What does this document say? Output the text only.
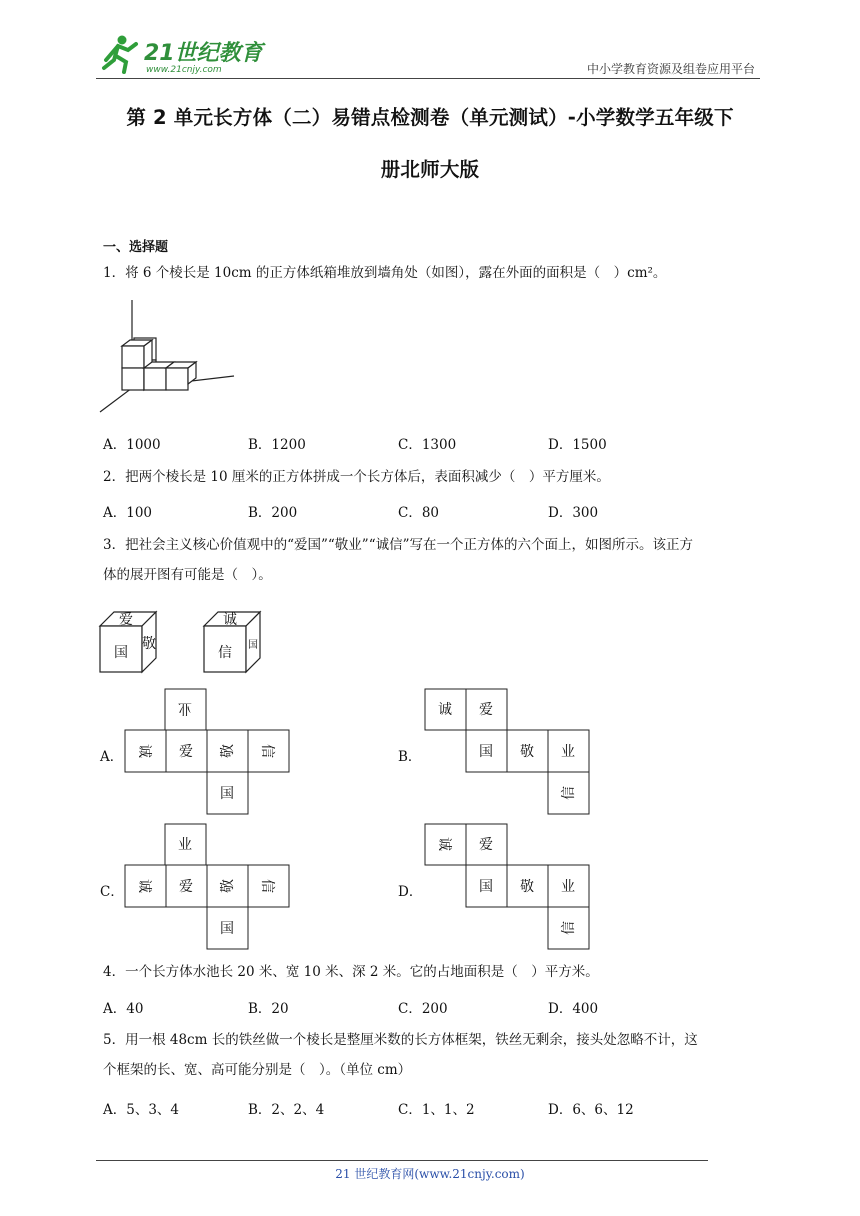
21世纪教育
www.21cnjy.com	中小学教育资源及组卷应用平台
第 2 单元长方体（二）易错点检测卷（单元测试）-小学数学五年级下
册北师大版
一、选择题
1．将 6 个棱长是 10cm 的正方体纸箱堆放到墙角处（如图），露在外面的面积是（　）cm²。
A．1000	B．1200	C．1300	D．1500
2．把两个棱长是 10 厘米的正方体拼成一个长方体后，表面积减少（　）平方厘米。
A．100	B．200	C．80	D．300
3．把社会主义核心价值观中的“爱国”“敬业”“诚信”写在一个正方体的六个面上，如图所示。该正方
体的展开图有可能是（　）。
爱
国
敬
诚
信 国
A．
业
诚 爱 敬 信
国
B．
诚 爱
国 敬 业
信
C．
业
诚 爱 敬 信
国
D．
诚 爱
国 敬 业
信
4．一个长方体水池长 20 米、宽 10 米、深 2 米。它的占地面积是（　）平方米。
A．40	B．20	C．200	D．400
5．用一根 48cm 长的铁丝做一个棱长是整厘米数的长方体框架，铁丝无剩余，接头处忽略不计，这
个框架的长、宽、高可能分别是（　）。（单位 cm）
A．5、3、4	B．2、2、4	C．1、1、2	D．6、6、12
21 世纪教育网(www.21cnjy.com)
